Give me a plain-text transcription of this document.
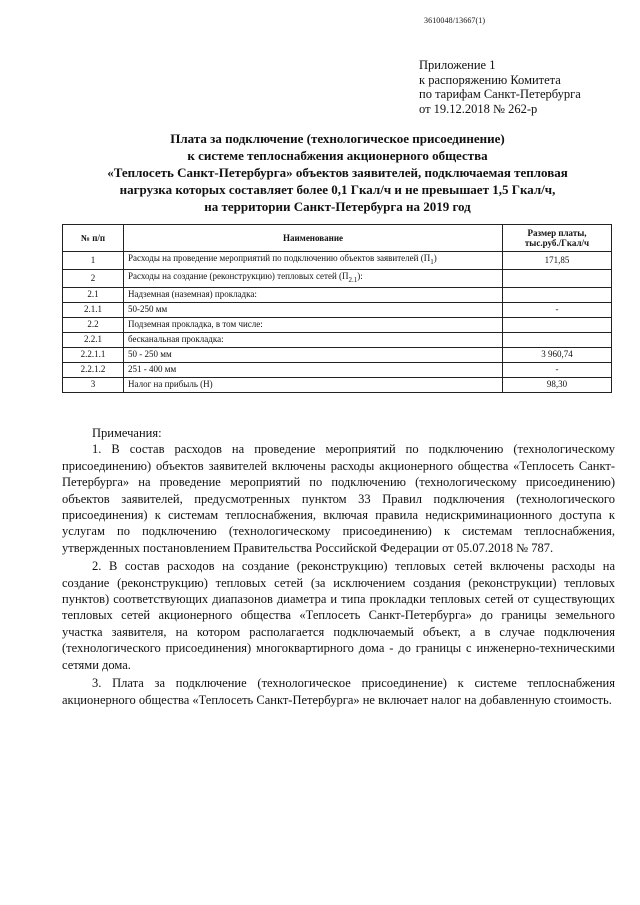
3610048/13667(1)
Приложение 1
к распоряжению Комитета
по тарифам Санкт-Петербурга
от 19.12.2018 № 262-р
Плата за подключение (технологическое присоединение)
к системе теплоснабжения акционерного общества
«Теплосеть Санкт-Петербурга» объектов заявителей, подключаемая тепловая
нагрузка которых составляет более 0,1 Гкал/ч и не превышает 1,5 Гкал/ч,
на территории Санкт-Петербурга на 2019 год
№ п/п	Наименование	Размер платы,
тыс.руб./Гкал/ч
1	Расходы на проведение мероприятий по подключению объектов заявителей $(П_1)$	171,85
2	Расходы на создание (реконструкцию) тепловых сетей $(П_{2.1})$:	
2.1	Надземная (наземная) прокладка:	
2.1.1	50-250 мм	-
2.2	Подземная прокладка, в том числе:	
2.2.1	бесканальная прокладка:	
2.2.1.1	50 - 250 мм	3 960,74
2.2.1.2	251 - 400 мм	-
3	Налог на прибыль (Н)	98,30
Примечания:

1. В состав расходов на проведение мероприятий по подключению (технологическому присоединению) объектов заявителей включены расходы акционерного общества «Теплосеть Санкт-Петербурга» на проведение мероприятий по подключению (технологическому присоединению) объектов заявителей, предусмотренных пунктом 33 Правил подключения (технологического присоединения) к системам теплоснабжения, включая правила недискриминационного доступа к услугам по подключению (технологическому присоединению) к системам теплоснабжения, утвержденных постановлением Правительства Российской Федерации от 05.07.2018 № 787.

2. В состав расходов на создание (реконструкцию) тепловых сетей включены расходы на создание (реконструкцию) тепловых сетей (за исключением создания (реконструкции) тепловых пунктов) соответствующих диапазонов диаметра и типа прокладки тепловых сетей от существующих тепловых сетей акционерного общества «Теплосеть Санкт-Петербурга» до границы земельного участка заявителя, на котором располагается подключаемый объект, а в случае подключения (технологического присоединения) многоквартирного дома - до границы с инженерно-техническими сетями дома.

3. Плата за подключение (технологическое присоединение) к системе теплоснабжения акционерного общества «Теплосеть Санкт-Петербурга» не включает налог на добавленную стоимость.
